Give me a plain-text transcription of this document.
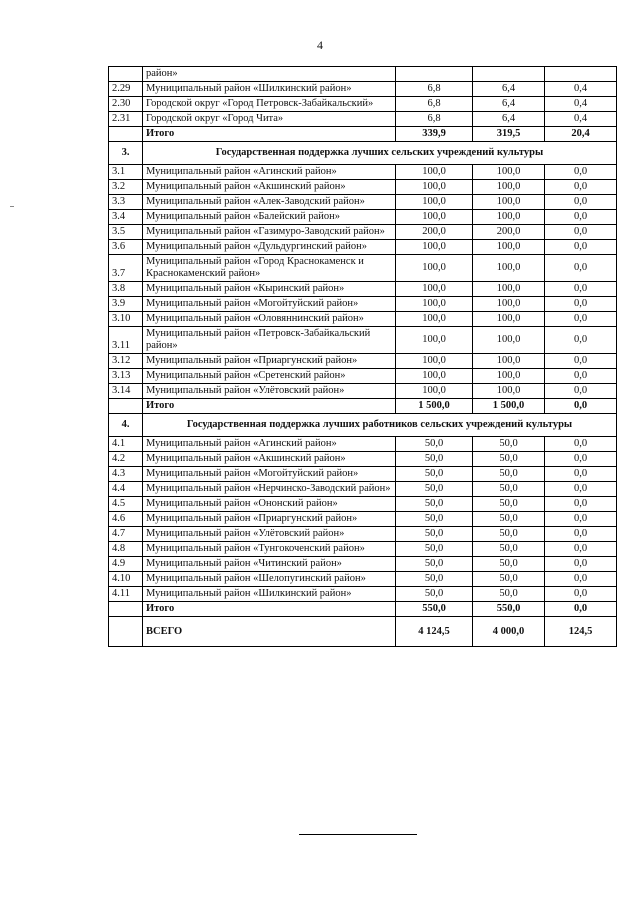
4
	район»			
2.29	Муниципальный район «Шилкинский район»	6,8	6,4	0,4
2.30	Городской округ «Город Петровск-Забайкальский»	6,8	6,4	0,4
2.31	Городской округ «Город Чита»	6,8	6,4	0,4
	Итого	339,9	319,5	20,4
3.	Государственная поддержка лучших сельских учреждений культуры			
3.1	Муниципальный район «Агинский район»	100,0	100,0	0,0
3.2	Муниципальный район «Акшинский район»	100,0	100,0	0,0
3.3	Муниципальный район «Алек-Заводский район»	100,0	100,0	0,0
3.4	Муниципальный район «Балейский район»	100,0	100,0	0,0
3.5	Муниципальный район «Газимуро-Заводский район»	200,0	200,0	0,0
3.6	Муниципальный район «Дульдургинский район»	100,0	100,0	0,0
3.7	Муниципальный район «Город Краснокаменск и Краснокаменский район»	100,0	100,0	0,0
3.8	Муниципальный район «Кыринский район»	100,0	100,0	0,0
3.9	Муниципальный район «Могойтуйский район»	100,0	100,0	0,0
3.10	Муниципальный район «Оловяннинский район»	100,0	100,0	0,0
3.11	Муниципальный район «Петровск-Забайкальский район»	100,0	100,0	0,0
3.12	Муниципальный район «Приаргунский район»	100,0	100,0	0,0
3.13	Муниципальный район «Сретенский район»	100,0	100,0	0,0
3.14	Муниципальный район «Улётовский район»	100,0	100,0	0,0
	Итого	1 500,0	1 500,0	0,0
4.	Государственная поддержка лучших работников сельских учреждений культуры			
4.1	Муниципальный район «Агинский район»	50,0	50,0	0,0
4.2	Муниципальный район «Акшинский район»	50,0	50,0	0,0
4.3	Муниципальный район «Могойтуйский район»	50,0	50,0	0,0
4.4	Муниципальный район «Нерчинско-Заводский район»	50,0	50,0	0,0
4.5	Муниципальный район «Ононский район»	50,0	50,0	0,0
4.6	Муниципальный район «Приаргунский район»	50,0	50,0	0,0
4.7	Муниципальный район «Улётовский район»	50,0	50,0	0,0
4.8	Муниципальный район «Тунгокоченский район»	50,0	50,0	0,0
4.9	Муниципальный район «Читинский район»	50,0	50,0	0,0
4.10	Муниципальный район «Шелопугинский район»	50,0	50,0	0,0
4.11	Муниципальный район «Шилкинский район»	50,0	50,0	0,0
	Итого	550,0	550,0	0,0
	ВСЕГО	4 124,5	4 000,0	124,5
